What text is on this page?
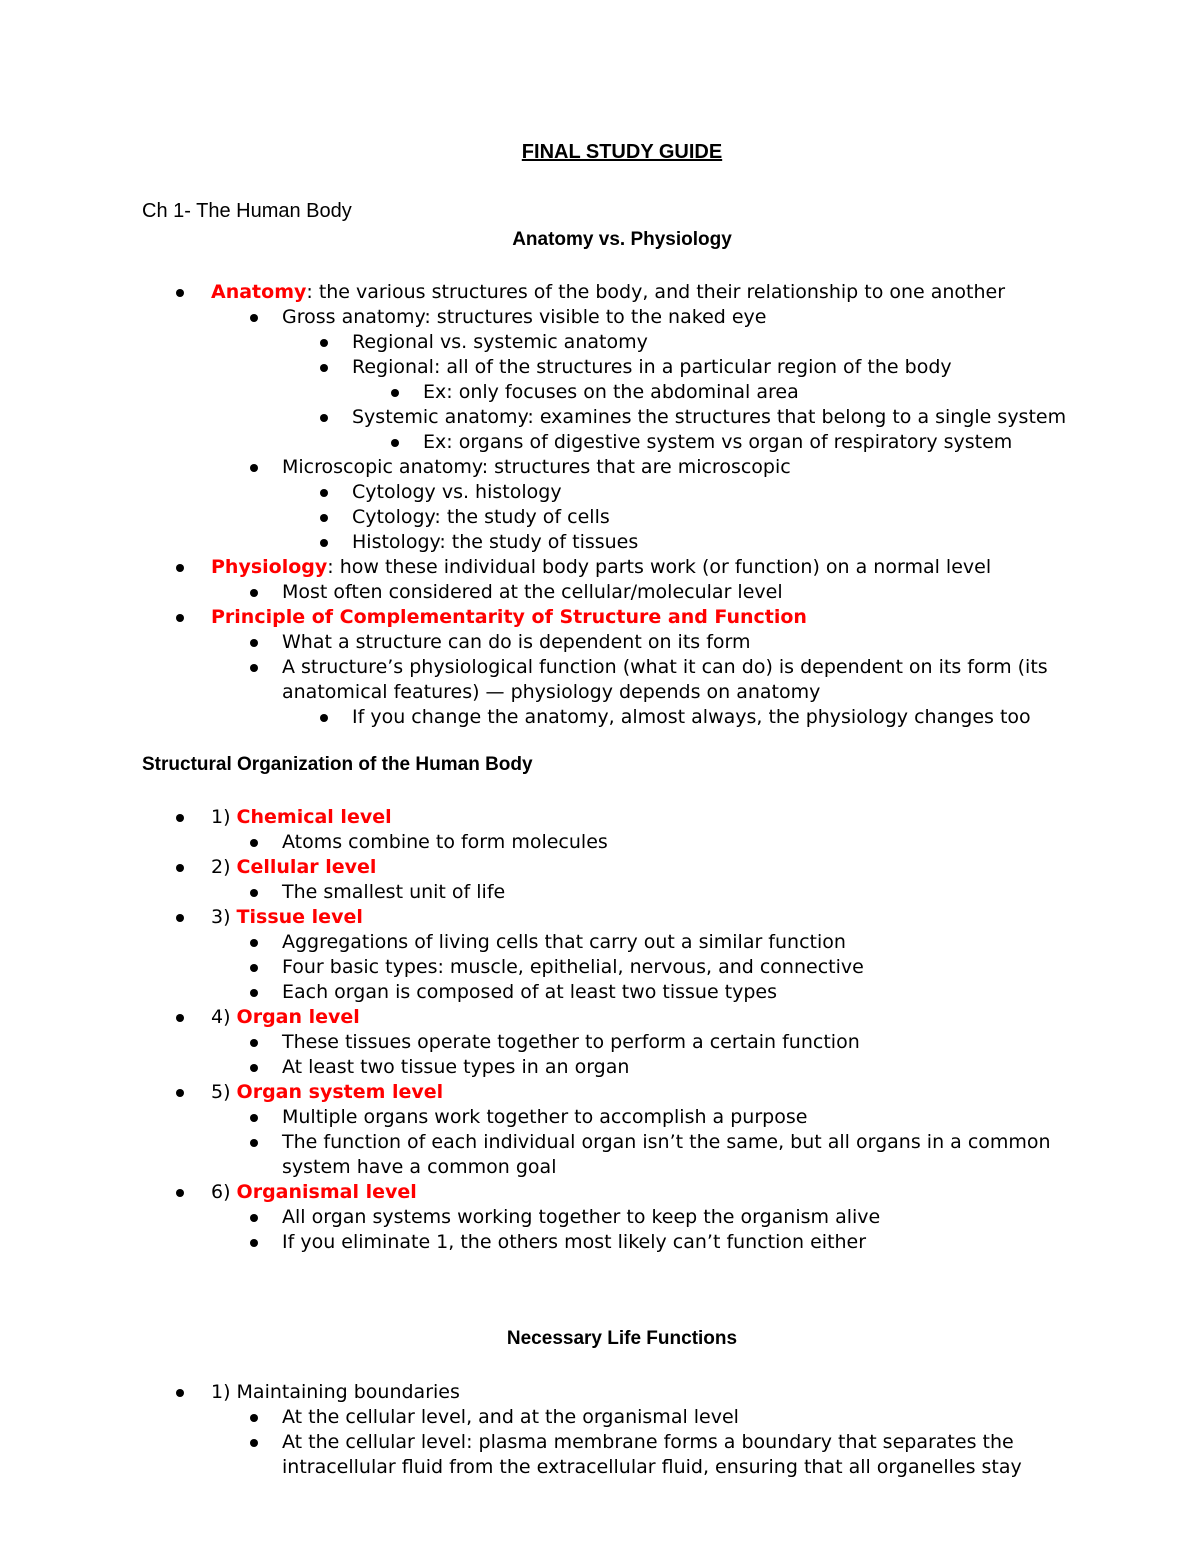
FINAL STUDY GUIDE
Ch 1- The Human Body
Anatomy vs. Physiology
Anatomy: the various structures of the body, and their relationship to one another
Gross anatomy: structures visible to the naked eye
Regional vs. systemic anatomy
Regional: all of the structures in a particular region of the body
Ex: only focuses on the abdominal area
Systemic anatomy: examines the structures that belong to a single system
Ex: organs of digestive system vs organ of respiratory system
Microscopic anatomy: structures that are microscopic
Cytology vs. histology
Cytology: the study of cells
Histology: the study of tissues
Physiology: how these individual body parts work (or function) on a normal level
Most often considered at the cellular/molecular level
Principle of Complementarity of Structure and Function
What a structure can do is dependent on its form
A structure’s physiological function (what it can do) is dependent on its form (its
anatomical features) — physiology depends on anatomy
If you change the anatomy, almost always, the physiology changes too
Structural Organization of the Human Body
1) Chemical level
Atoms combine to form molecules
2) Cellular level
The smallest unit of life
3) Tissue level
Aggregations of living cells that carry out a similar function
Four basic types: muscle, epithelial, nervous, and connective
Each organ is composed of at least two tissue types
4) Organ level
These tissues operate together to perform a certain function
At least two tissue types in an organ
5) Organ system level
Multiple organs work together to accomplish a purpose
The function of each individual organ isn’t the same, but all organs in a common
system have a common goal
6) Organismal level
All organ systems working together to keep the organism alive
If you eliminate 1, the others most likely can’t function either
Necessary Life Functions
1) Maintaining boundaries
At the cellular level, and at the organismal level
At the cellular level: plasma membrane forms a boundary that separates the
intracellular fluid from the extracellular fluid, ensuring that all organelles stay
